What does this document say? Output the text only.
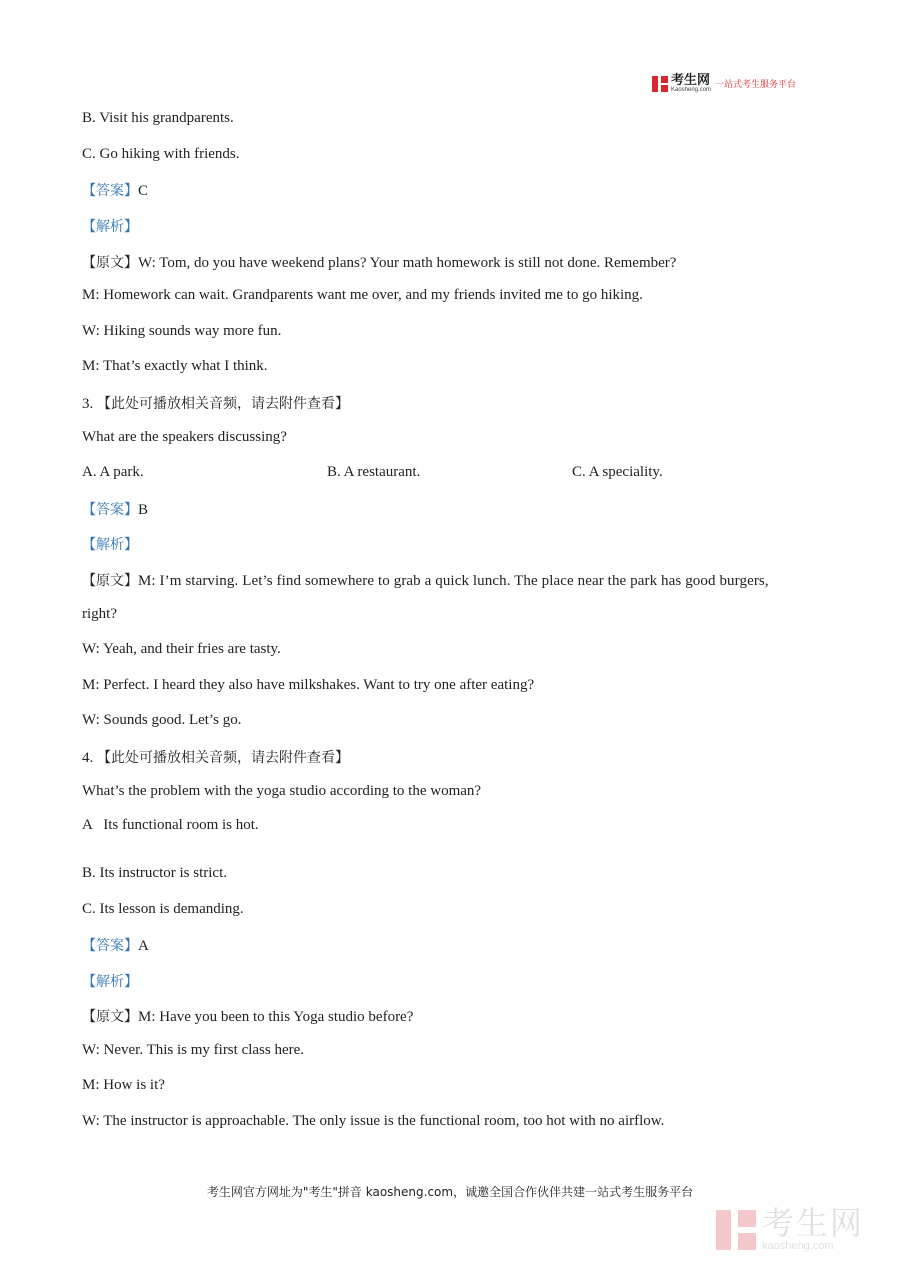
考生网
Kaosheng.com 一站式考生服务平台
B. Visit his grandparents.
C. Go hiking with friends.
【答案】C
【解析】
【原文】W: Tom, do you have weekend plans? Your math homework is still not done. Remember?
M: Homework can wait. Grandparents want me over, and my friends invited me to go hiking.
W: Hiking sounds way more fun.
M: That’s exactly what I think.
3. 【此处可播放相关音频，请去附件查看】
What are the speakers discussing?
A. A park.	B. A restaurant.	C. A speciality.
【答案】B
【解析】
【原文】M: I’m starving. Let’s find somewhere to grab a quick lunch. The place near the park has good burgers,
right?
W: Yeah, and their fries are tasty.
M: Perfect. I heard they also have milkshakes. Want to try one after eating?
W: Sounds good. Let’s go.
4. 【此处可播放相关音频，请去附件查看】
What’s the problem with the yoga studio according to the woman?
A   Its functional room is hot.
B. Its instructor is strict.
C. Its lesson is demanding.
【答案】A
【解析】
【原文】M: Have you been to this Yoga studio before?
W: Never. This is my first class here.
M: How is it?
W: The instructor is approachable. The only issue is the functional room, too hot with no airflow.
考生网官方网址为"考生"拼音 kaosheng.com，诚邀全国合作伙伴共建一站式考生服务平台
考生网
kaosheng.com
